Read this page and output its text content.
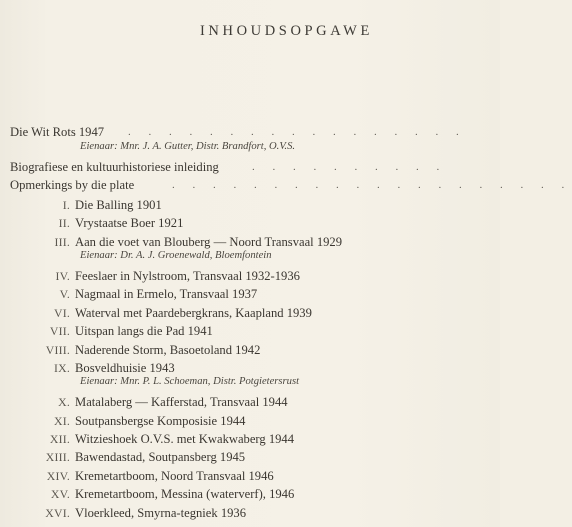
INHOUDSOPGAWE
Die Wit Rots 1947 . . . . . . . . . . . . . . . . .
Eienaar: Mnr. J. A. Gutter, Distr. Brandfort, O.V.S.
Biografiese en kultuurhistoriese inleiding	. . . . . . . . . .
Opmerkings by die plate	. . . . . . . . . . . . . . . . . . . .
I. Die Balling 1901
II. Vrystaatse Boer 1921
III. Aan die voet van Blouberg — Noord Transvaal 1929
Eienaar: Dr. A. J. Groenewald, Bloemfontein
IV. Feeslaer in Nylstroom, Transvaal 1932-1936
V. Nagmaal in Ermelo, Transvaal 1937
VI. Waterval met Paardebergkrans, Kaapland 1939
VII. Uitspan langs die Pad 1941
VIII. Naderende Storm, Basoetoland 1942
IX. Bosveldhuisie 1943
Eienaar: Mnr. P. L. Schoeman, Distr. Potgietersrust
X. Matalaberg — Kafferstad, Transvaal 1944
XI. Soutpansbergse Komposisie 1944
XII. Witzieshoek O.V.S. met Kwakwaberg 1944
XIII. Bawendastad, Soutpansberg 1945
XIV. Kremetartboom, Noord Transvaal 1946
XV. Kremetartboom, Messina (waterverf), 1946
XVI. Vloerkleed, Smyrna-tegniek 1936
